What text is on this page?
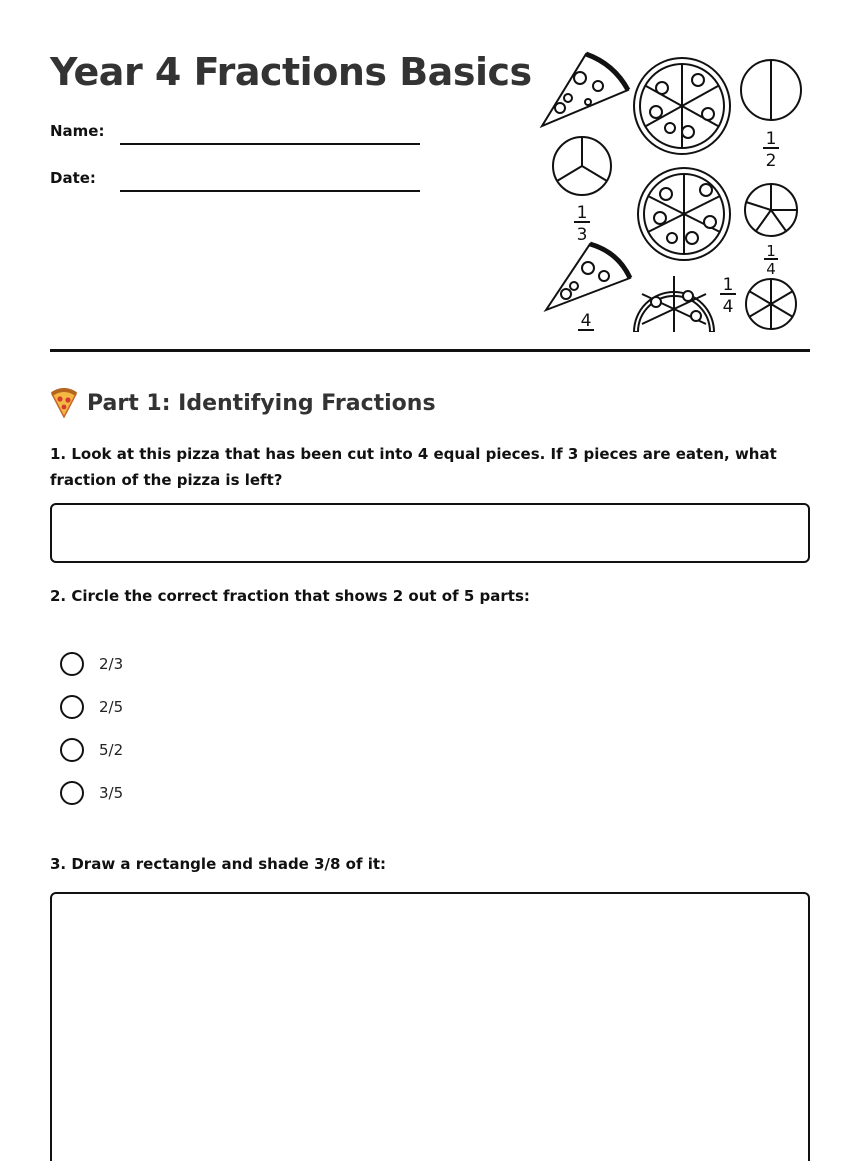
Year 4 Fractions Basics
Name:
Date:
1
2
1
3
1
4
1
4
4
Part 1: Identifying Fractions
1. Look at this pizza that has been cut into 4 equal pieces. If 3 pieces are eaten, what fraction of the pizza is left?
2. Circle the correct fraction that shows 2 out of 5 parts:
2/3
2/5
5/2
3/5
3. Draw a rectangle and shade 3/8 of it:
